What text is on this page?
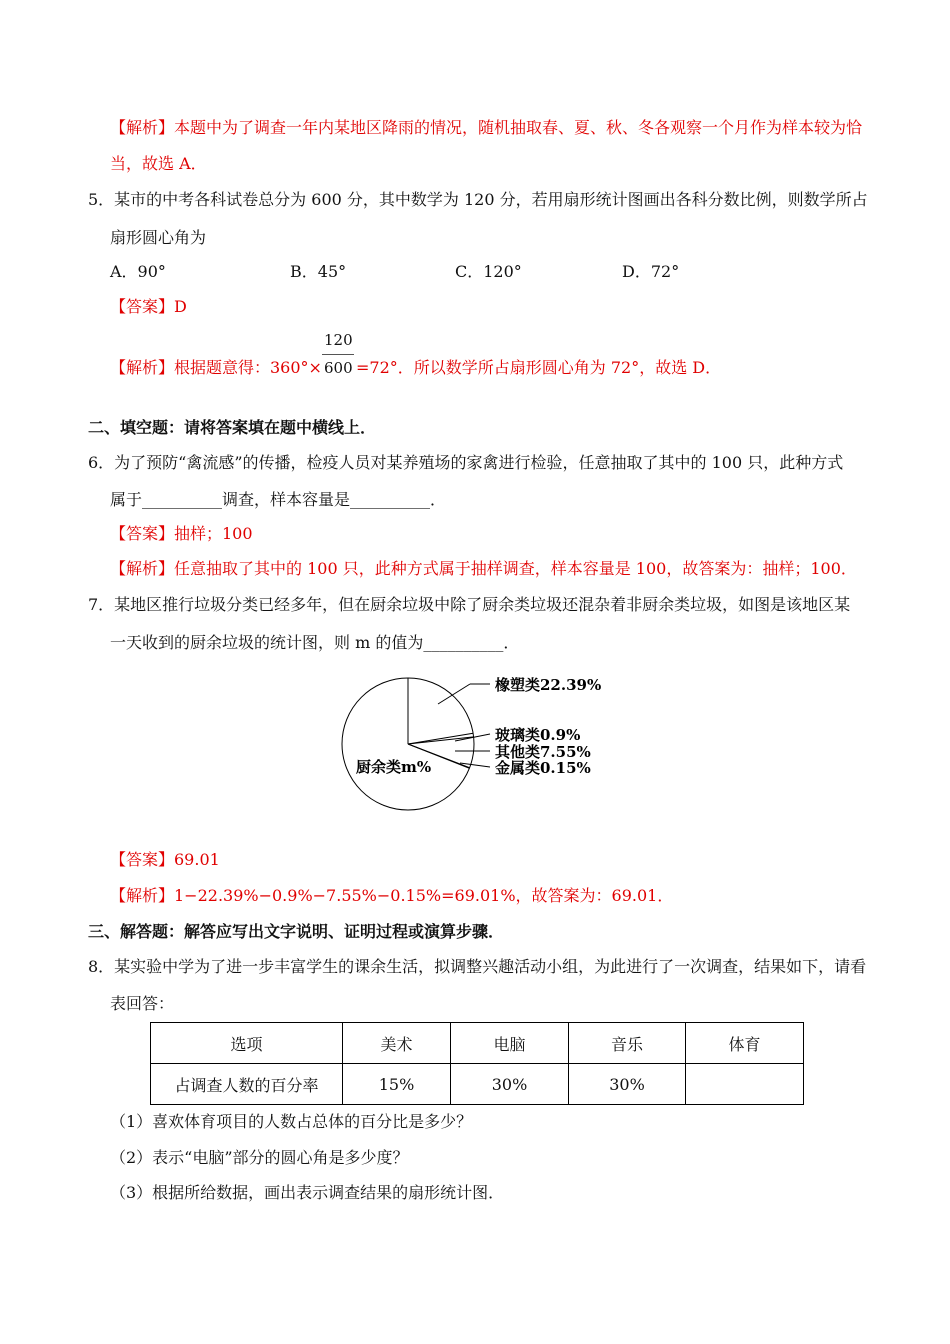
【解析】本题中为了调查一年内某地区降雨的情况，随机抽取春、夏、秋、冬各观察一个月作为样本较为恰
当，故选 A．
5．某市的中考各科试卷总分为 600 分，其中数学为 120 分，若用扇形统计图画出各科分数比例，则数学所占
扇形圆心角为
A．90°	B．45°	C．120°	D．72°
【答案】D
【解析】根据题意得：360°×
120
600 =72°．所以数学所占扇形圆心角为 72°，故选 D．
二、填空题：请将答案填在题中横线上．
6．为了预防“禽流感”的传播，检疫人员对某养殖场的家禽进行检验，任意抽取了其中的 100 只，此种方式
属于__________调查，样本容量是__________．
【答案】抽样；100
【解析】任意抽取了其中的 100 只，此种方式属于抽样调查，样本容量是 100，故答案为：抽样；100．
7．某地区推行垃圾分类已经多年，但在厨余垃圾中除了厨余类垃圾还混杂着非厨余类垃圾，如图是该地区某
一天收到的厨余垃圾的统计图，则 m 的值为__________．
橡塑类22.39%
玻璃类0.9%
其他类7.55%
金属类0.15%
厨余类m%
【答案】69.01
【解析】1−22.39%−0.9%−7.55%−0.15%=69.01%，故答案为：69.01．
三、解答题：解答应写出文字说明、证明过程或演算步骤．
8．某实验中学为了进一步丰富学生的课余生活，拟调整兴趣活动小组，为此进行了一次调查，结果如下，请看
表回答：
选项	美术	电脑	音乐	体育
占调查人数的百分率	15%	30%	30%	
（1）喜欢体育项目的人数占总体的百分比是多少？
（2）表示“电脑”部分的圆心角是多少度？
（3）根据所给数据，画出表示调查结果的扇形统计图．
